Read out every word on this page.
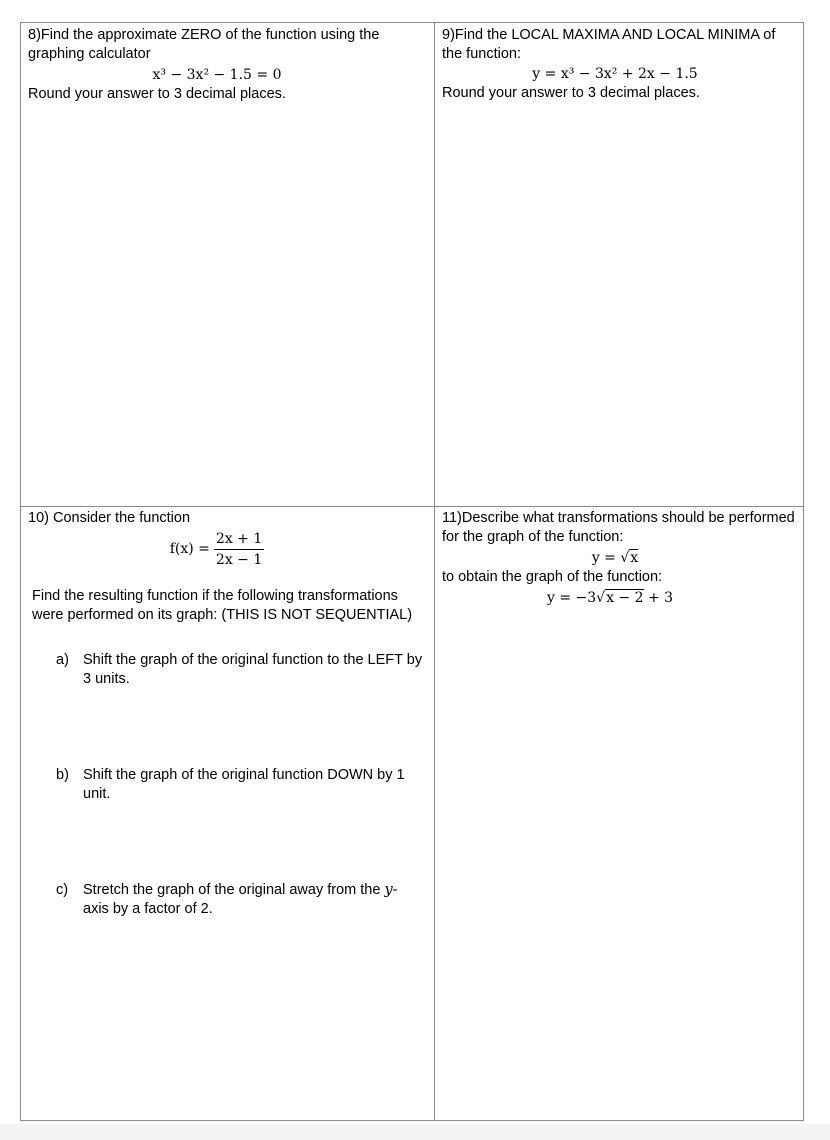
8)Find the approximate ZERO of the function using the graphing calculator
x³ − 3x² − 1.5 = 0
Round your answer to 3 decimal places.
9)Find the LOCAL MAXIMA AND LOCAL MINIMA of the function:
y = x³ − 3x² + 2x − 1.5
Round your answer to 3 decimal places.
10) Consider the function
$f(x) = \frac{2x + 1}{2x - 1}$
Find the resulting function if the following transformations were performed on its graph: (THIS IS NOT SEQUENTIAL)
a) Shift the graph of the original function to the LEFT by 3 units.
b) Shift the graph of the original function DOWN by 1 unit.
c) Stretch the graph of the original away from the y- axis by a factor of 2.
11)Describe what transformations should be performed for the graph of the function:
y = √x
to obtain the graph of the function:
y = −3√x − 2 + 3
